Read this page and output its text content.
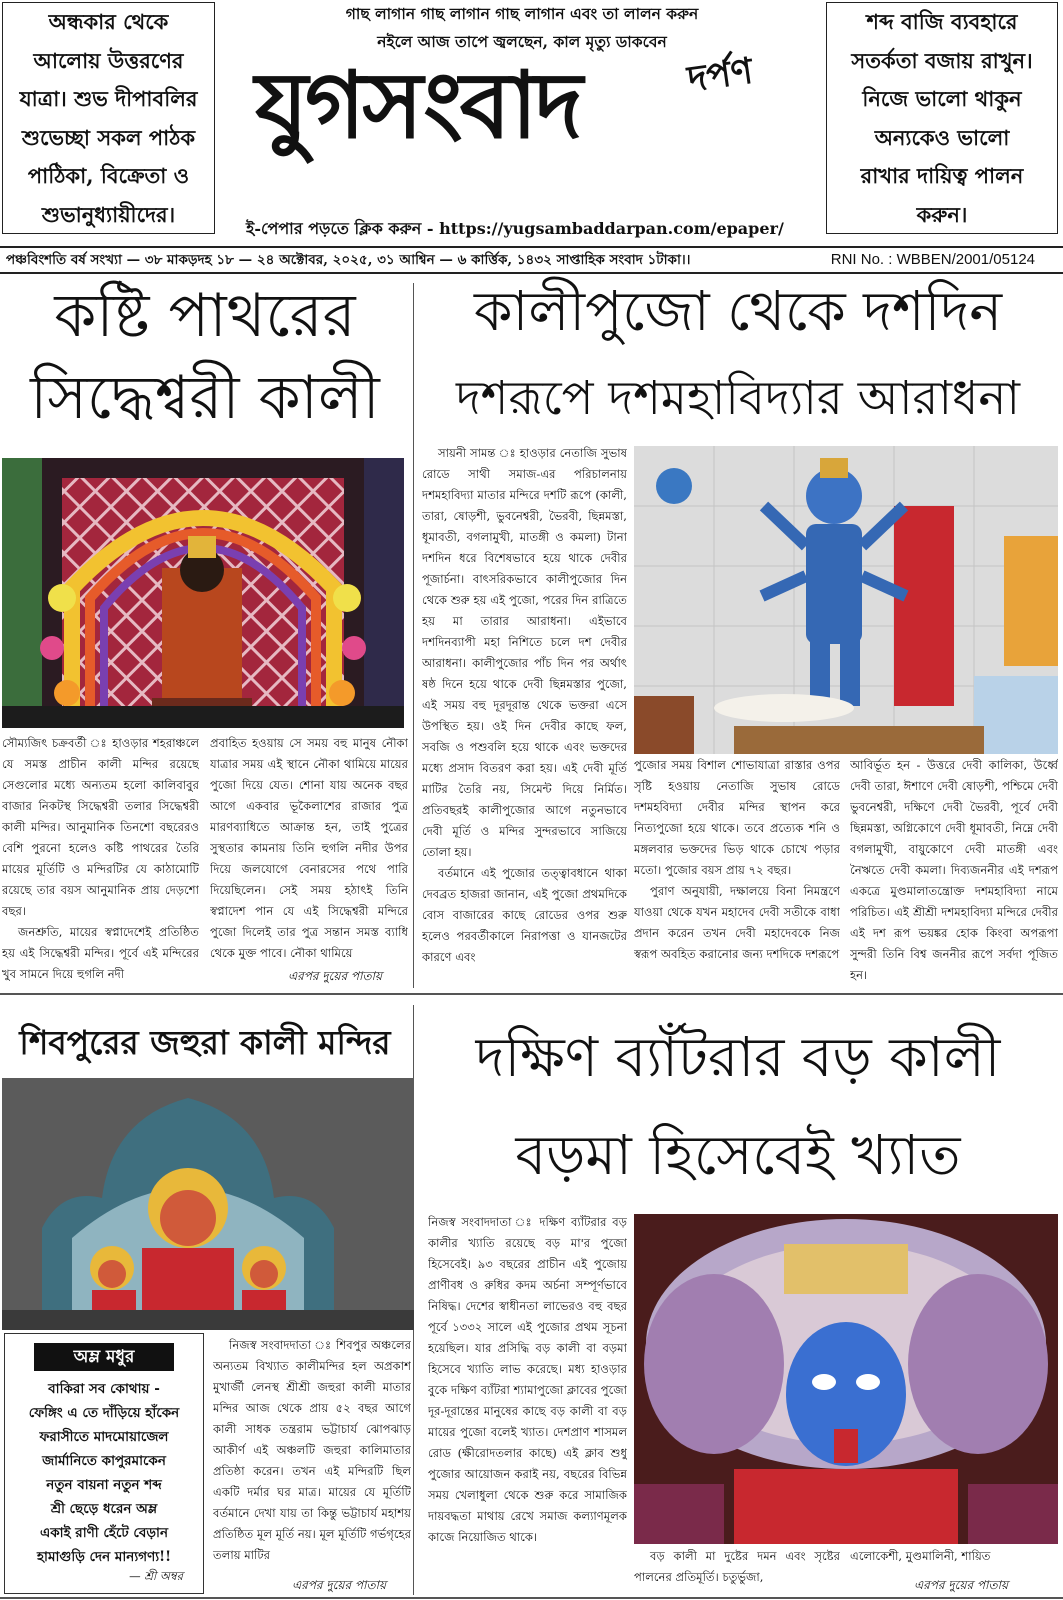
অন্ধকার থেকে

আলোয় উত্তরণের

যাত্রা। শুভ দীপাবলির

শুভেচ্ছা সকল পাঠক

পাঠিকা, বিক্রেতা ও

শুভানুধ্যায়ীদের।

গাছ লাগান গাছ লাগান গাছ লাগান এবং তা লালন করুন
নইলে আজ তাপে জ্বলছেন, কাল মৃত্যু ডাকবেন
যুগসংবাদ	দর্পণ
ই-পেপার পড়তে ক্লিক করুন - https://yugsambaddarpan.com/epaper/

শব্দ বাজি ব্যবহারে

সতর্কতা বজায় রাখুন।

নিজে ভালো থাকুন

অন্যকেও ভালো

রাখার দায়িত্ব পালন

করুন।

পঞ্চবিংশতি বর্ষ সংখ্যা — ৩৮ মাকড়দহ ১৮ — ২৪ অক্টোবর, ২০২৫, ৩১ আশ্বিন — ৬ কার্ত্তিক, ১৪৩২ সাপ্তাহিক সংবাদ ১টাকা।।	RNI No. : WBBEN/2001/05124
কষ্টি পাথরের
সিদ্ধেশ্বরী কালী

সৌম্যজিৎ চক্রবর্তী ঃ হাওড়ার শহরাঞ্চলে যে সমস্ত প্রাচীন কালী মন্দির রয়েছে সেগুলোর মধ্যে অন্যতম হলো কালিবাবুর বাজার নিকটস্থ সিদ্ধেশ্বরী তলার সিদ্ধেশ্বরী কালী মন্দির। আনুমানিক তিনশো বছরেরও বেশি পুরনো হলেও কষ্টি পাথরের তৈরি মায়ের মূর্তিটি ও মন্দিরটির যে কাঠামোটি রয়েছে তার বয়স আনুমানিক প্রায় দেড়শো বছর।

জনশ্রুতি, মায়ের স্বপ্নাদেশেই প্রতিষ্ঠিত হয় এই সিদ্ধেশ্বরী মন্দির। পূর্বে এই মন্দিরের খুব সামনে দিয়ে হুগলি নদী

প্রবাহিত হওয়ায় সে সময় বহু মানুষ নৌকা যাত্রার সময় এই স্থানে নৌকা থামিয়ে মায়ের পুজো দিয়ে যেত। শোনা যায় অনেক বছর আগে একবার ভূকৈলাশের রাজার পুত্র মারণব্যাধিতে আক্রান্ত হন, তাই পুত্রের সুস্থতার কামনায় তিনি হুগলি নদীর উপর দিয়ে জলযোগে বেনারসের পথে পারি দিয়েছিলেন। সেই সময় হঠাৎই তিনি স্বপ্নাদেশ পান যে এই সিদ্ধেশ্বরী মন্দিরে পুজো দিলেই তার পুত্র সন্তান সমস্ত ব্যাধি থেকে মুক্ত পাবে। নৌকা থামিয়ে

এরপর দুয়ের পাতায়
কালীপুজো থেকে দশদিন
দশরূপে দশমহাবিদ্যার আরাধনা

সায়নী সামন্ত ঃ হাওড়ার নেতাজি সুভাষ রোডে সাথী সমাজ-এর পরিচালনায় দশমহাবিদ্যা মাতার মন্দিরে দশটি রূপে (কালী, তারা, ষোড়শী, ভুবনেশ্বরী, ভৈরবী, ছিন্নমস্তা, ধূমাবতী, বগলামুখী, মাতঙ্গী ও কমলা) টানা দশদিন ধরে বিশেষভাবে হয়ে থাকে দেবীর পূজার্চনা। বাৎসরিকভাবে কালীপুজোর দিন থেকে শুরু হয় এই পুজো, পরের দিন রাত্রিতে হয় মা তারার আরাধনা। এইভাবে দশদিনব্যাপী মহা নিশিতে চলে দশ দেবীর আরাধনা। কালীপুজোর পাঁচ দিন পর অর্থাৎ ষষ্ঠ দিনে হয়ে থাকে দেবী ছিন্নমস্তার পুজো, এই সময় বহু দূরদূরান্ত থেকে ভক্তরা এসে উপস্থিত হয়। ওই দিন দেবীর কাছে ফল, সবজি ও পশুবলি হয়ে থাকে এবং ভক্তদের মধ্যে প্রসাদ বিতরণ করা হয়। এই দেবী মূর্তি মাটির তৈরি নয়, সিমেন্ট দিয়ে নির্মিত। প্রতিবছরই কালীপুজোর আগে নতুনভাবে দেবী মূর্তি ও মন্দির সুন্দরভাবে সাজিয়ে তোলা হয়।

বর্তমানে এই পুজোর তত্ত্বাবধানে থাকা দেবব্রত হাজরা জানান, এই পুজো প্রথমদিকে বোস বাজারের কাছে রোডের ওপর শুরু হলেও পরবর্তীকালে নিরাপত্তা ও যানজটের কারণে এবং

পুজোর সময় বিশাল শোভাযাত্রা রাস্তার ওপর সৃষ্টি হওয়ায় নেতাজি সুভাষ রোডে দশমহবিদ্যা দেবীর মন্দির স্থাপন করে নিত্যপুজো হয়ে থাকে। তবে প্রত্যেক শনি ও মঙ্গলবার ভক্তদের ভিড় থাকে চোখে পড়ার মতো। পুজোর বয়স প্রায় ৭২ বছর।

পুরাণ অনুযায়ী, দক্ষালয়ে বিনা নিমন্ত্রণে যাওয়া থেকে যখন মহাদেব দেবী সতীকে বাধা প্রদান করেন তখন দেবী মহাদেবকে নিজ স্বরূপ অবহিত করানোর জন্য দশদিকে দশরূপে

আবির্ভূত হন - উত্তরে দেবী কালিকা, উর্ধ্বে দেবী তারা, ঈশাণে দেবী ষোড়শী, পশ্চিমে দেবী ভুবনেশ্বরী, দক্ষিণে দেবী ভৈরবী, পূর্বে দেবী ছিন্নমস্তা, অগ্নিকোণে দেবী ধূমাবতী, নিম্নে দেবী বগলামুখী, বায়ুকোণে দেবী মাতঙ্গী এবং নৈঋতে দেবী কমলা। দিব্যজননীর এই দশরূপ একত্রে মুণ্ডমালাতন্ত্রোক্ত দশমহাবিদ্যা নামে পরিচিত। এই শ্রীশ্রী দশমহাবিদ্যা মন্দিরে দেবীর এই দশ রূপ ভয়ঙ্কর হোক কিংবা অপরূপা সুন্দরী তিনি বিশ্ব জননীর রূপে সর্বদা পূজিত হন।

শিবপুরের জহুরা কালী মন্দির
অম্ল মধুর
বাকিরা সব কোথায় -
ফেঙ্গিং এ তে দাঁড়িয়ে হাঁকেন
ফরাসীতে মাদমোয়াজেল
জার্মানিতে কাপুরমাকেন
নতুন বায়না নতুন শব্দ
শ্রী ছেড়ে ধরেন অম্ল
একাই রাণী হেঁটে বেড়ান
হামাগুড়ি দেন মান্যগণ্য!!
— শ্রী অম্বর

নিজস্ব সংবাদদাতা ঃ শিবপুর অঞ্চলের অন্যতম বিখ্যাত কালীমন্দির হল অপ্রকাশ মুখার্জী লেনস্থ শ্রীশ্রী জহুরা কালী মাতার মন্দির আজ থেকে প্রায় ৫২ বছর আগে কালী সাধক তন্ত্ররাম ভট্টাচার্য ঝোপঝাড় আকীর্ণ এই অঞ্চলটি জহুরা কালিমাতার প্রতিষ্ঠা করেন। তখন এই মন্দিরটি ছিল একটি দর্মার ঘর মাত্র। মায়ের যে মূর্তিটি বর্তমানে দেখা যায় তা কিন্তু ভট্টাচার্য মহাশয় প্রতিষ্ঠিত মূল মূর্তি নয়। মূল মূর্তিটি গর্ভগৃহের তলায় মাটির

এরপর দুয়ের পাতায়
দক্ষিণ ব্যাঁটরার বড় কালী
বড়মা হিসেবেই খ্যাত

নিজস্ব সংবাদদাতা ঃ দক্ষিণ ব্যাঁটরার বড় কালীর খ্যাতি রয়েছে বড় মা'র পুজো হিসেবেই। ৯৩ বছরের প্রাচীন এই পুজোয় প্রাণীবধ ও রুধির কদম অর্চনা সম্পূর্ণভাবে নিষিদ্ধ। দেশের স্বাধীনতা লাভেরও বহু বছর পূর্বে ১৩৩২ সালে এই পুজোর প্রথম সূচনা হয়েছিল। যার প্রসিদ্ধি বড় কালী বা বড়মা হিসেবে খ্যাতি লাভ করেছে। মধ্য হাওড়ার বুকে দক্ষিণ ব্যাঁটরা শ্যামাপুজো ক্লাবের পুজো দূর-দূরান্তের মানুষের কাছে বড় কালী বা বড় মায়ের পুজো বলেই খ্যাত। দেশপ্রাণ শাসমল রোড (ক্ষীরোদতলার কাছে) এই ক্লাব শুধু পুজোর আয়োজন করাই নয়, বছরের বিভিন্ন সময় খেলাধুলা থেকে শুরু করে সামাজিক দায়বদ্ধতা মাথায় রেখে সমাজ কল্যাণমূলক কাজে নিয়োজিত থাকে।

বড় কালী মা দুষ্টের দমন এবং সৃষ্টের পালনের প্রতিমূর্তি। চতুর্ভুজা,

এলোকেশী, মুণ্ডমালিনী, শায়িত

এরপর দুয়ের পাতায়
